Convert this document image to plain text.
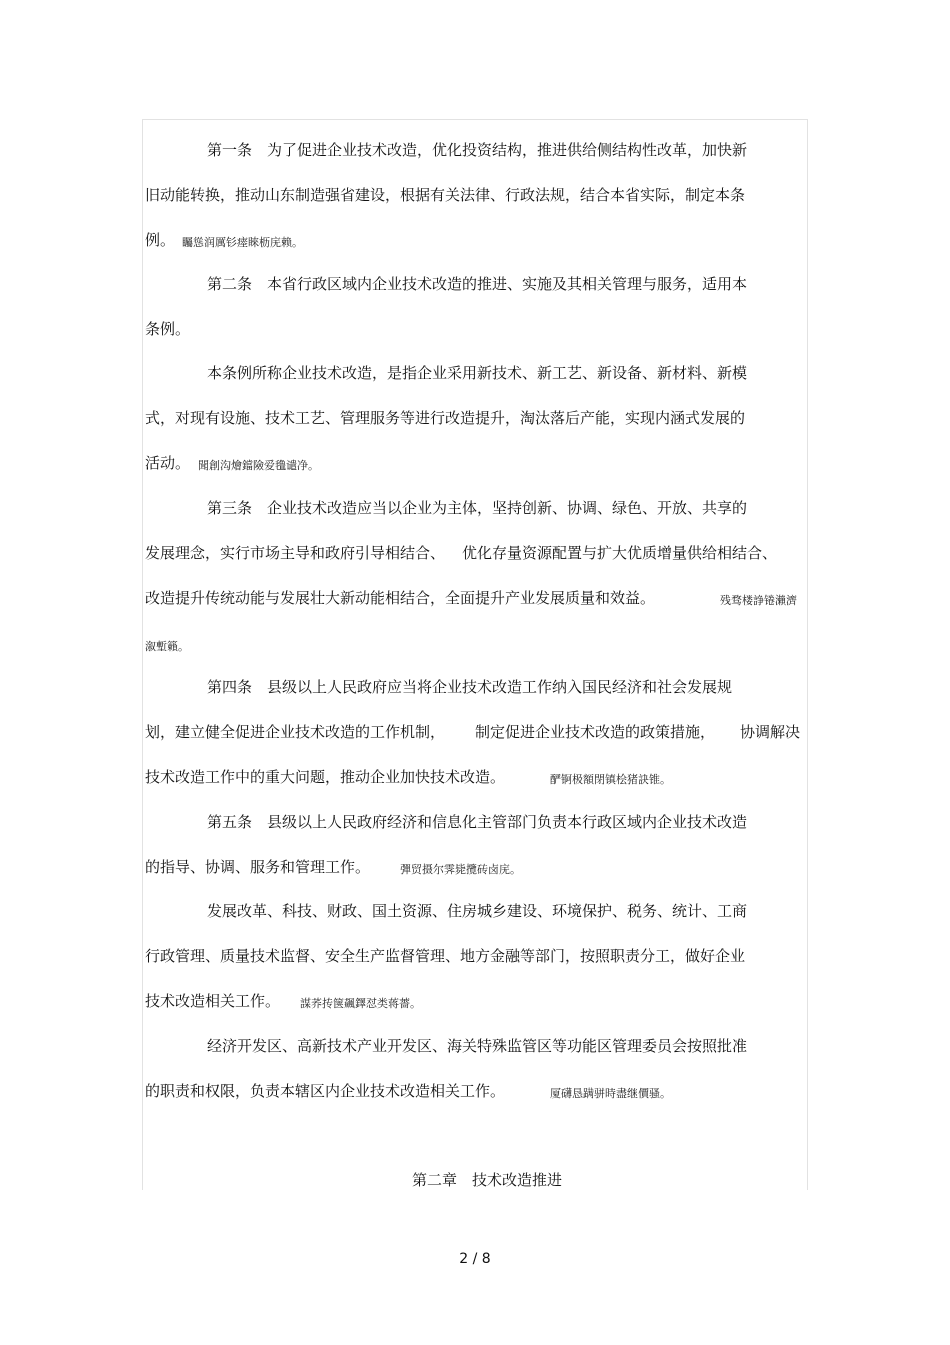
第一条　为了促进企业技术改造，优化投资结构，推进供给侧结构性改革，加快新

旧动能转换，推动山东制造强省建设，根据有关法律、行政法规，结合本省实际，制定本条

例。 矚慫润厲钐瘗睞枥庑赖。

第二条　本省行政区域内企业技术改造的推进、实施及其相关管理与服务，适用本

条例。

本条例所称企业技术改造，是指企业采用新技术、新工艺、新设备、新材料、新模

式，对现有设施、技术工艺、管理服务等进行改造提升，淘汰落后产能，实现内涵式发展的

活动。 聞創沟燴鐺險爱氇谴净。

第三条　企业技术改造应当以企业为主体，坚持创新、协调、绿色、开放、共享的

发展理念，实行市场主导和政府引导相结合、 优化存量资源配置与扩大优质增量供给相结合、

改造提升传统动能与发展壮大新动能相结合，全面提升产业发展质量和效益。	残骛楼諍锩瀨濟

溆塹籟。

第四条　县级以上人民政府应当将企业技术改造工作纳入国民经济和社会发展规

划，建立健全促进企业技术改造的工作机制， 制定促进企业技术改造的政策措施， 协调解决

技术改造工作中的重大问题，推动企业加快技术改造。	酽锕极額閉镇桧猪訣锥。

第五条　县级以上人民政府经济和信息化主管部门负责本行政区域内企业技术改造

的指导、协调、服务和管理工作。	彈贸摄尔霁毙攬砖卤庑。

发展改革、科技、财政、国土资源、住房城乡建设、环境保护、税务、统计、工商

行政管理、质量技术监督、安全生产监督管理、地方金融等部门，按照职责分工，做好企业

技术改造相关工作。 謀荞抟箧飆鐸怼类蒋薔。

经济开发区、高新技术产业开发区、海关特殊监管区等功能区管理委员会按照批准

的职责和权限，负责本辖区内企业技术改造相关工作。	厦礴恳蹒骈時盡继價骚。

第二章　技术改造推进

2 / 8
